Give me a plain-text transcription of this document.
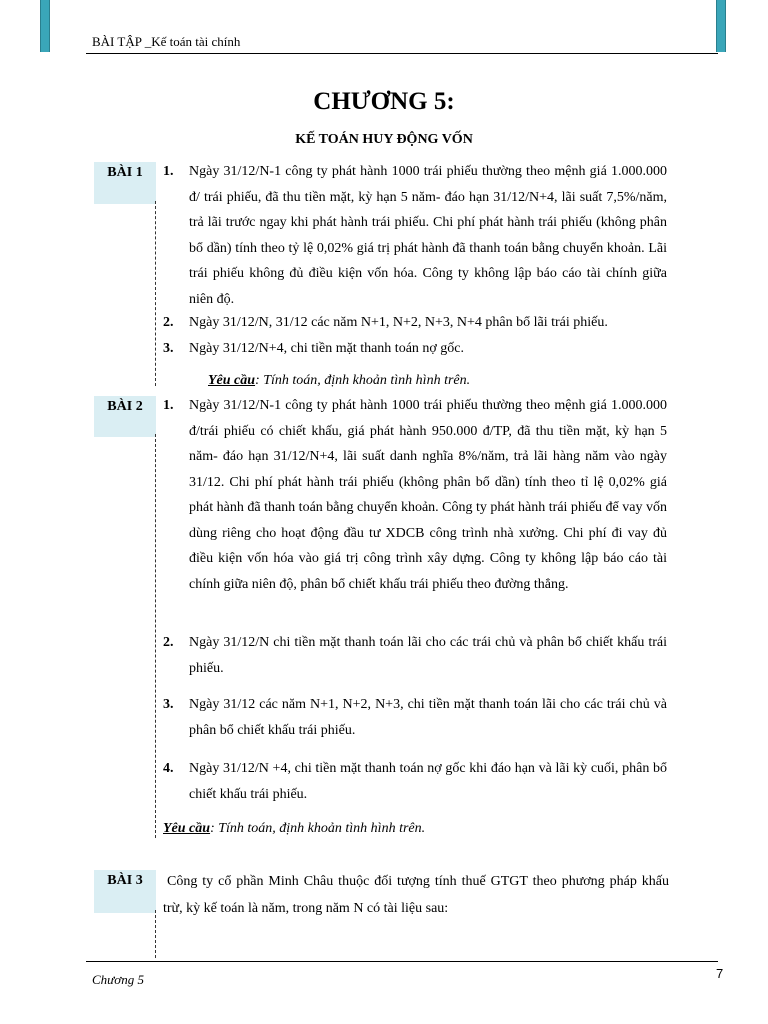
BÀI TẬP _Kế toán tài chính
CHƯƠNG 5:
KẾ TOÁN HUY ĐỘNG VỐN
BÀI 1	1. Ngày 31/12/N-1 công ty phát hành 1000 trái phiếu thường theo mệnh giá 1.000.000 đ/ trái phiếu, đã thu tiền mặt, kỳ hạn 5 năm- đáo hạn 31/12/N+4, lãi suất 7,5%/năm, trả lãi trước ngay khi phát hành trái phiếu. Chi phí phát hành trái phiếu (không phân bổ dần) tính theo tỷ lệ 0,02% giá trị phát hành đã thanh toán bằng chuyển khoản. Lãi trái phiếu không đủ điều kiện vốn hóa. Công ty không lập báo cáo tài chính giữa niên độ.
2. Ngày 31/12/N, 31/12 các năm N+1, N+2, N+3, N+4 phân bổ lãi trái phiếu.
3. Ngày 31/12/N+4, chi tiền mặt thanh toán nợ gốc.
Yêu cầu: Tính toán, định khoản tình hình trên.
BÀI 2	1. Ngày 31/12/N-1 công ty phát hành 1000 trái phiếu thường theo mệnh giá 1.000.000 đ/trái phiếu có chiết khấu, giá phát hành 950.000 đ/TP, đã thu tiền mặt, kỳ hạn 5 năm- đáo hạn 31/12/N+4, lãi suất danh nghĩa 8%/năm, trả lãi hàng năm vào ngày 31/12. Chi phí phát hành trái phiếu (không phân bổ dần) tính theo tỉ lệ 0,02% giá phát hành đã thanh toán bằng chuyển khoản. Công ty phát hành trái phiếu để vay vốn dùng riêng cho hoạt động đầu tư XDCB công trình nhà xưởng. Chi phí đi vay đủ điều kiện vốn hóa vào giá trị công trình xây dựng. Công ty không lập báo cáo tài chính giữa niên độ, phân bổ chiết khấu trái phiếu theo đường thẳng.
2. Ngày 31/12/N chi tiền mặt thanh toán lãi cho các trái chủ và phân bổ chiết khấu trái phiếu.
3. Ngày 31/12 các năm N+1, N+2, N+3, chi tiền mặt thanh toán lãi cho các trái chủ và phân bổ chiết khấu trái phiếu.
4. Ngày 31/12/N +4, chi tiền mặt thanh toán nợ gốc khi đáo hạn và lãi kỳ cuối, phân bổ chiết khấu trái phiếu.
Yêu cầu: Tính toán, định khoản tình hình trên.
BÀI 3	Công ty cổ phần Minh Châu thuộc đối tượng tính thuế GTGT theo phương pháp khấu trừ, kỳ kế toán là năm, trong năm N có tài liệu sau:
Chương 5	7
